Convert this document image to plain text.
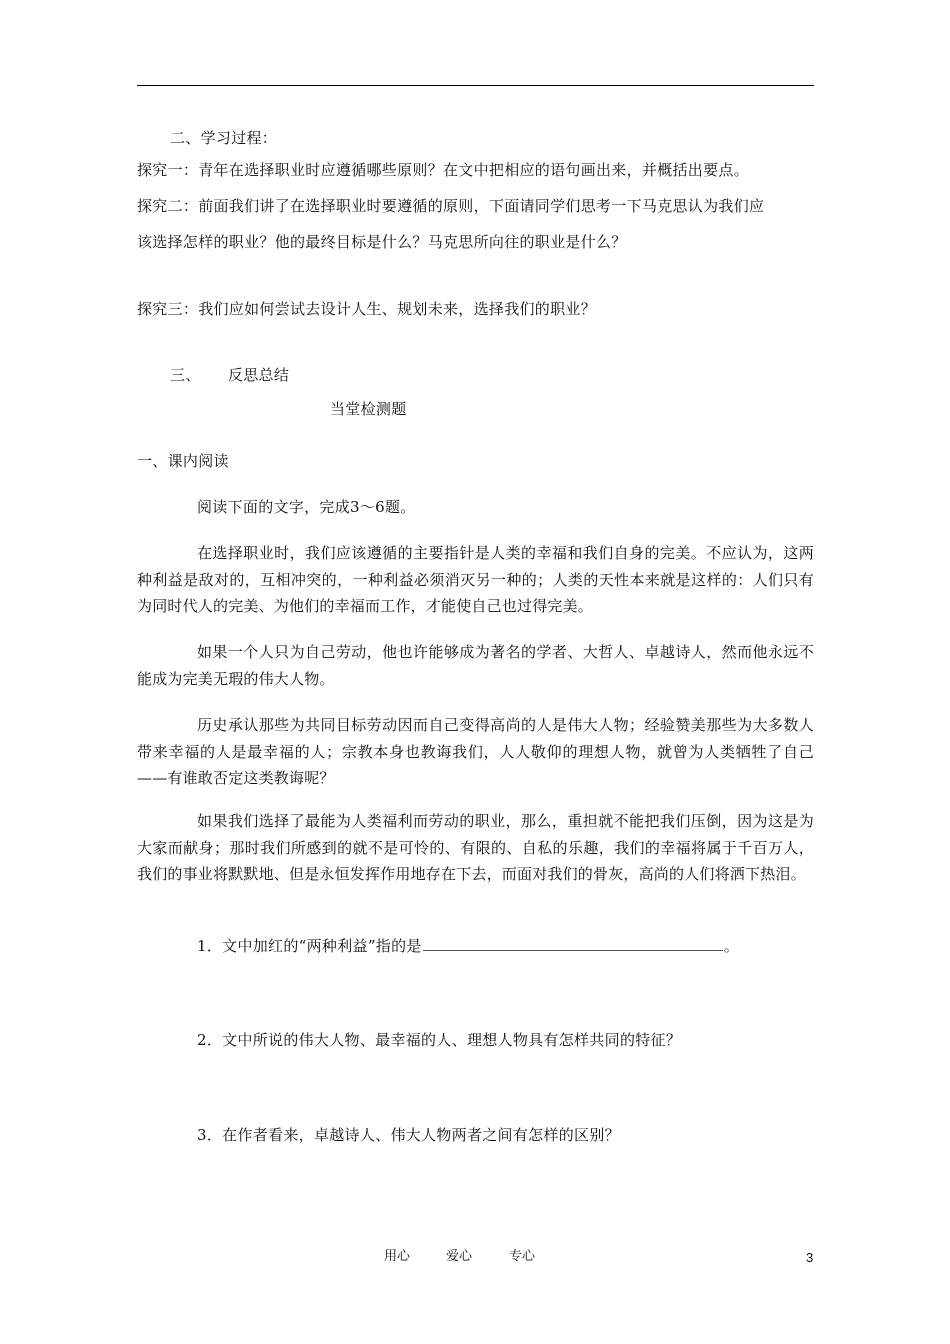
二、学习过程：
探究一：青年在选择职业时应遵循哪些原则？在文中把相应的语句画出来，并概括出要点。
探究二：前面我们讲了在选择职业时要遵循的原则，下面请同学们思考一下马克思认为我们应
该选择怎样的职业？他的最终目标是什么？马克思所向往的职业是什么？
探究三：我们应如何尝试去设计人生、规划未来，选择我们的职业？
三、 反思总结
当堂检测题
一、课内阅读
阅读下面的文字，完成3～6题。
在选择职业时，我们应该遵循的主要指针是人类的幸福和我们自身的完美。不应认为，这两种利益是敌对的，互相冲突的，一种利益必须消灭另一种的；人类的天性本来就是这样的：人们只有为同时代人的完美、为他们的幸福而工作，才能使自己也过得完美。
如果一个人只为自己劳动，他也许能够成为著名的学者、大哲人、卓越诗人，然而他永远不能成为完美无瑕的伟大人物。
历史承认那些为共同目标劳动因而自己变得高尚的人是伟大人物；经验赞美那些为大多数人带来幸福的人是最幸福的人；宗教本身也教诲我们，人人敬仰的理想人物，就曾为人类牺牲了自己——有谁敢否定这类教诲呢？
如果我们选择了最能为人类福利而劳动的职业，那么，重担就不能把我们压倒，因为这是为大家而献身；那时我们所感到的就不是可怜的、有限的、自私的乐趣，我们的幸福将属于千百万人，我们的事业将默默地、但是永恒发挥作用地存在下去，而面对我们的骨灰，高尚的人们将洒下热泪。
1．文中加红的“两种利益”指的是	。
2．文中所说的伟大人物、最幸福的人、理想人物具有怎样共同的特征？
3．在作者看来，卓越诗人、伟大人物两者之间有怎样的区别？
用心	爱心	专心	3
